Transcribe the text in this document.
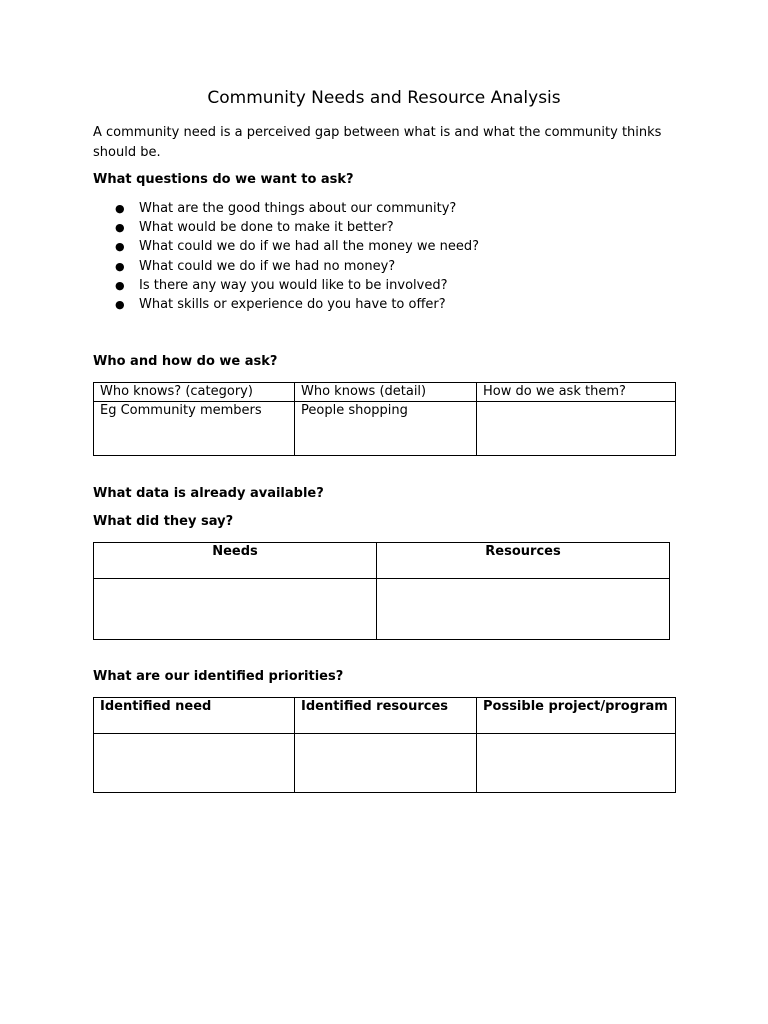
Community Needs and Resource Analysis

A community need is a perceived gap between what is and what the community thinks should be.

What questions do we want to ask?

● What are the good things about our community?
● What would be done to make it better?
● What could we do if we had all the money we need?
● What could we do if we had no money?
● Is there any way you would like to be involved?
● What skills or experience do you have to offer?

Who and how do we ask?

Who knows? (category)	Who knows (detail)	How do we ask them?
Eg Community members	People shopping	

What data is already available?

What did they say?

Needs	Resources

What are our identified priorities?

Identified need	Identified resources	Possible project/program
